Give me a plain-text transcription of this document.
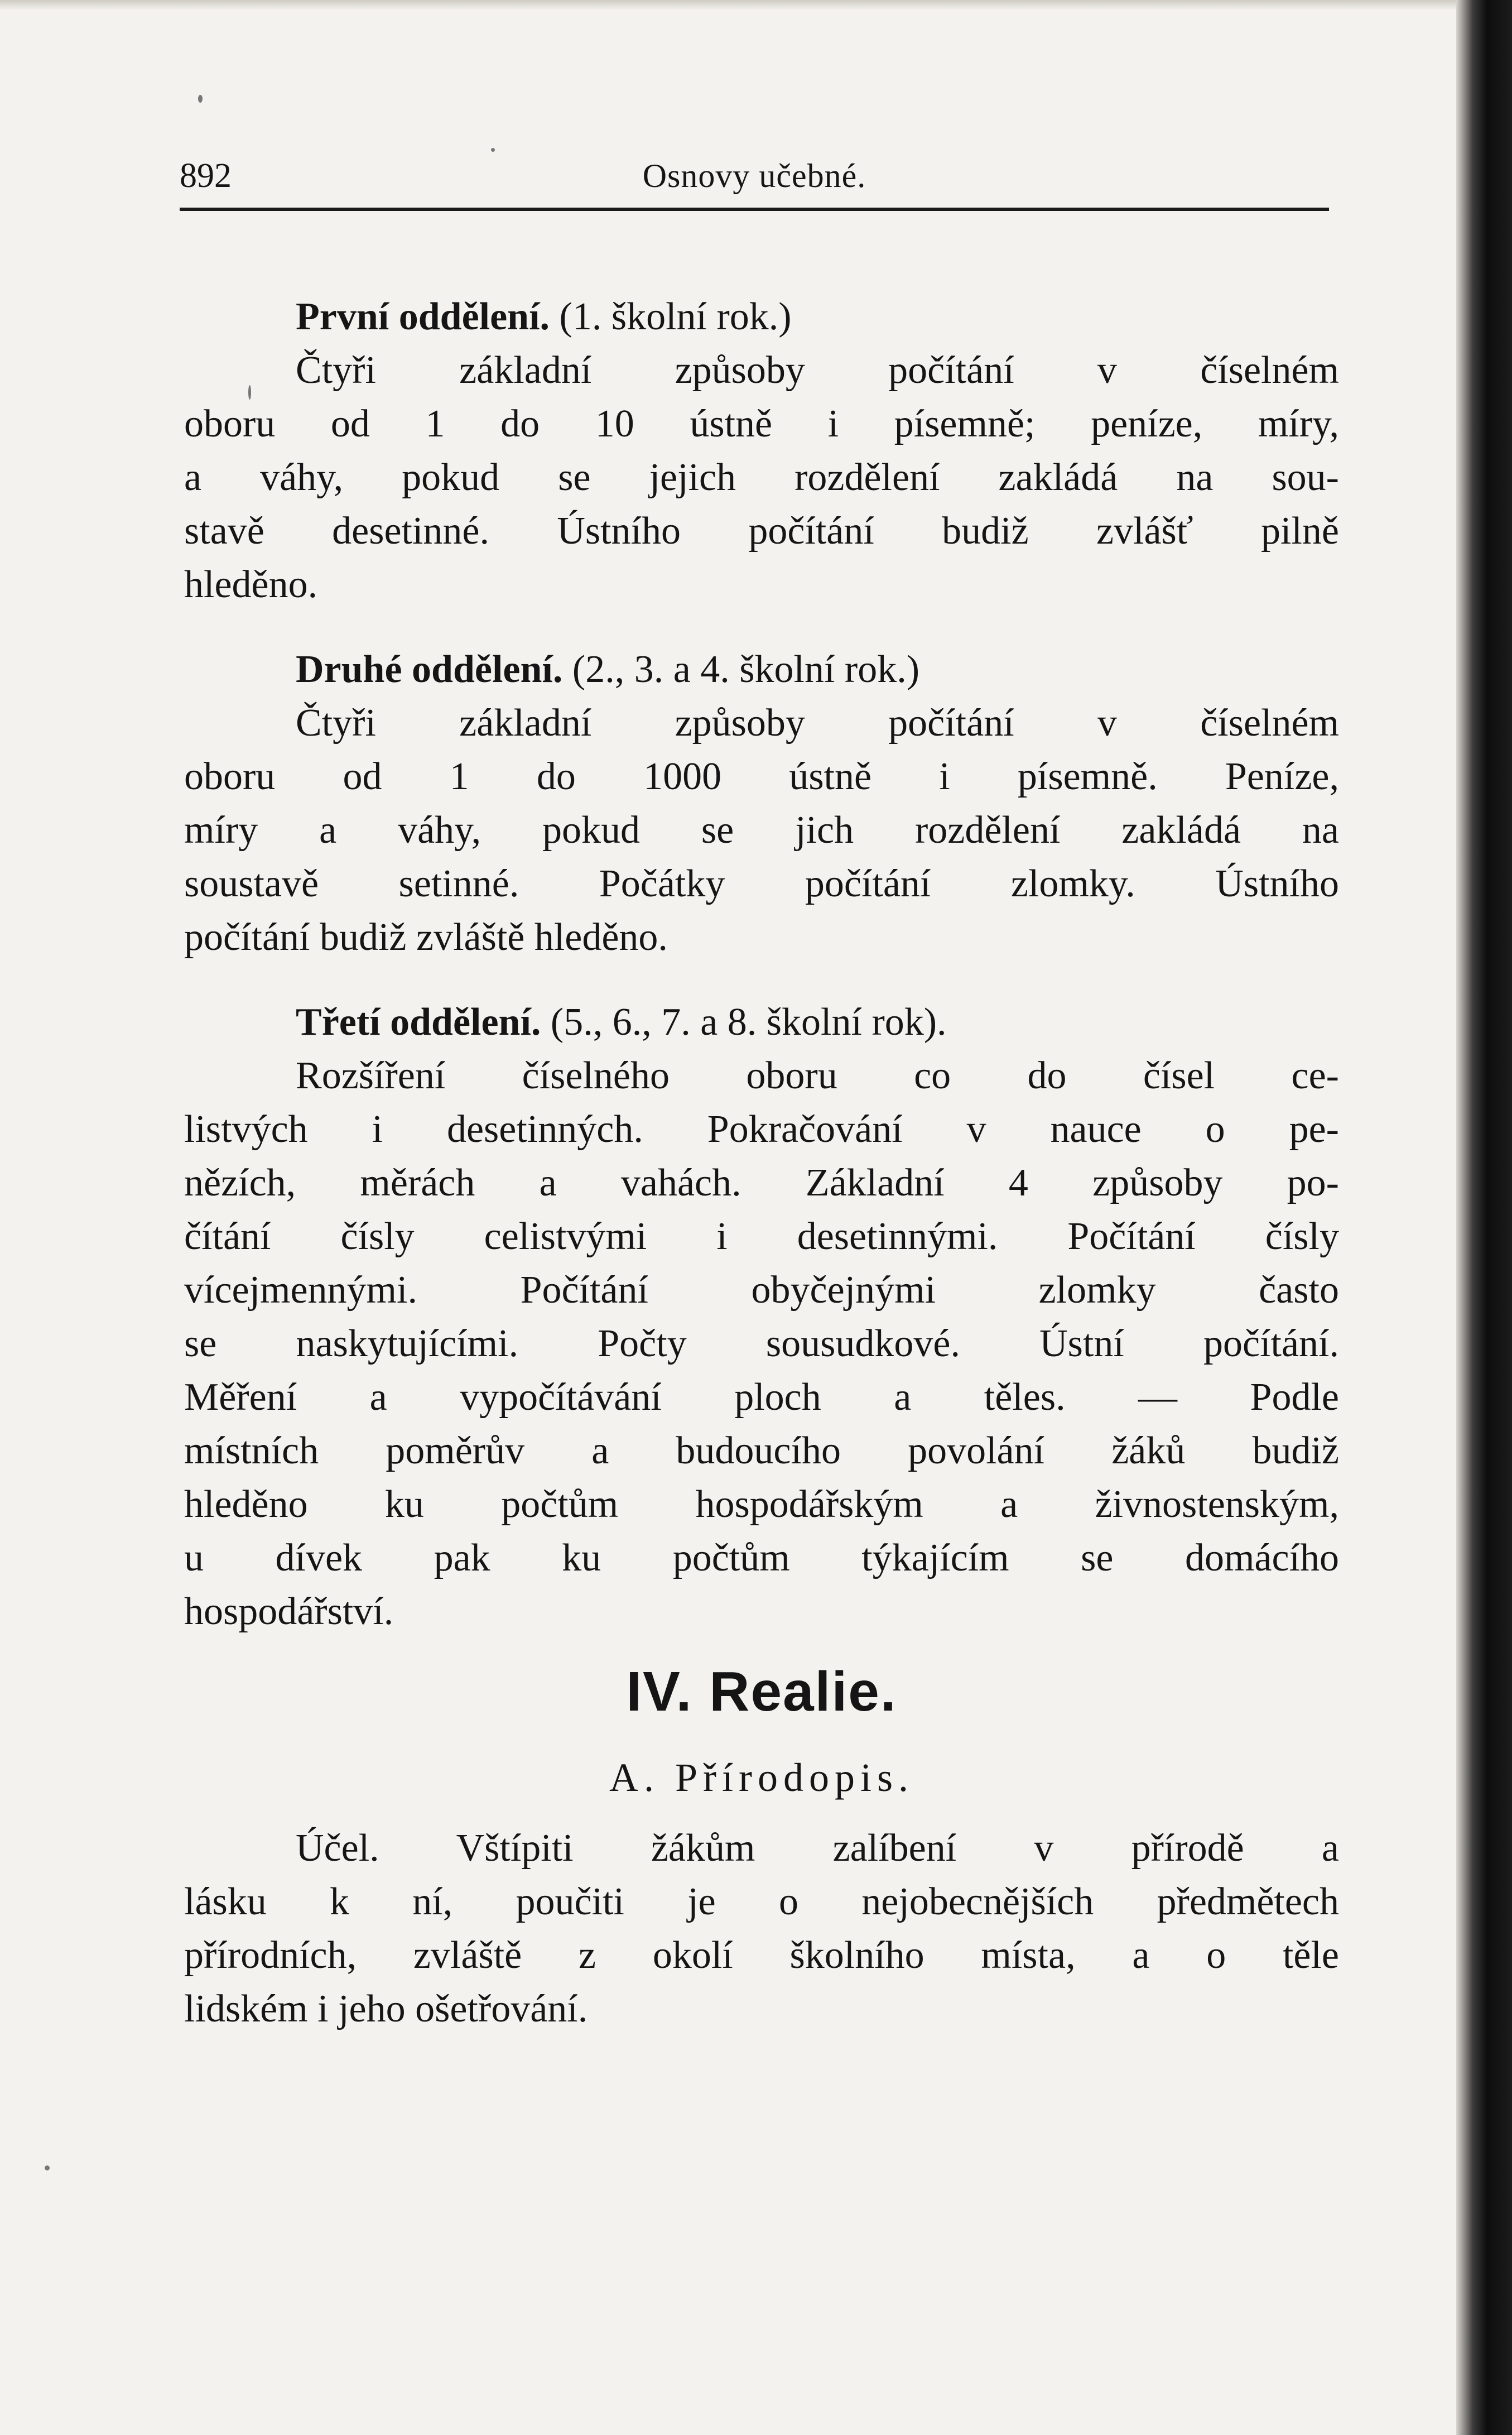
892	Osnovy učebné.
První oddělení. (1. školní rok.)
Čtyři základní způsoby počítání v číselném
oboru od 1 do 10 ústně i písemně; peníze, míry,
a váhy, pokud se jejich rozdělení zakládá na sou-
stavě desetinné. Ústního počítání budiž zvlášť pilně
hleděno.
Druhé oddělení. (2., 3. a 4. školní rok.)
Čtyři základní způsoby počítání v číselném
oboru od 1 do 1000 ústně i písemně. Peníze,
míry a váhy, pokud se jich rozdělení zakládá na
soustavě setinné. Počátky počítání zlomky. Ústního
počítání budiž zvláště hleděno.
Třetí oddělení. (5., 6., 7. a 8. školní rok).
Rozšíření číselného oboru co do čísel ce-
listvých i desetinných. Pokračování v nauce o pe-
nězích, měrách a vahách. Základní 4 způsoby po-
čítání čísly celistvými i desetinnými. Počítání čísly
vícejmennými. Počítání obyčejnými zlomky často
se naskytujícími. Počty sousudkové. Ústní počítání.
Měření a vypočítávání ploch a těles. — Podle
místních poměrův a budoucího povolání žáků budiž
hleděno ku počtům hospodářským a živnostenským,
u dívek pak ku počtům týkajícím se domácího
hospodářství.
IV. Realie.
A. Přírodopis.
Účel. Vštípiti žákům zalíbení v přírodě a
lásku k ní, poučiti je o nejobecnějších předmětech
přírodních, zvláště z okolí školního místa, a o těle
lidském i jeho ošetřování.
